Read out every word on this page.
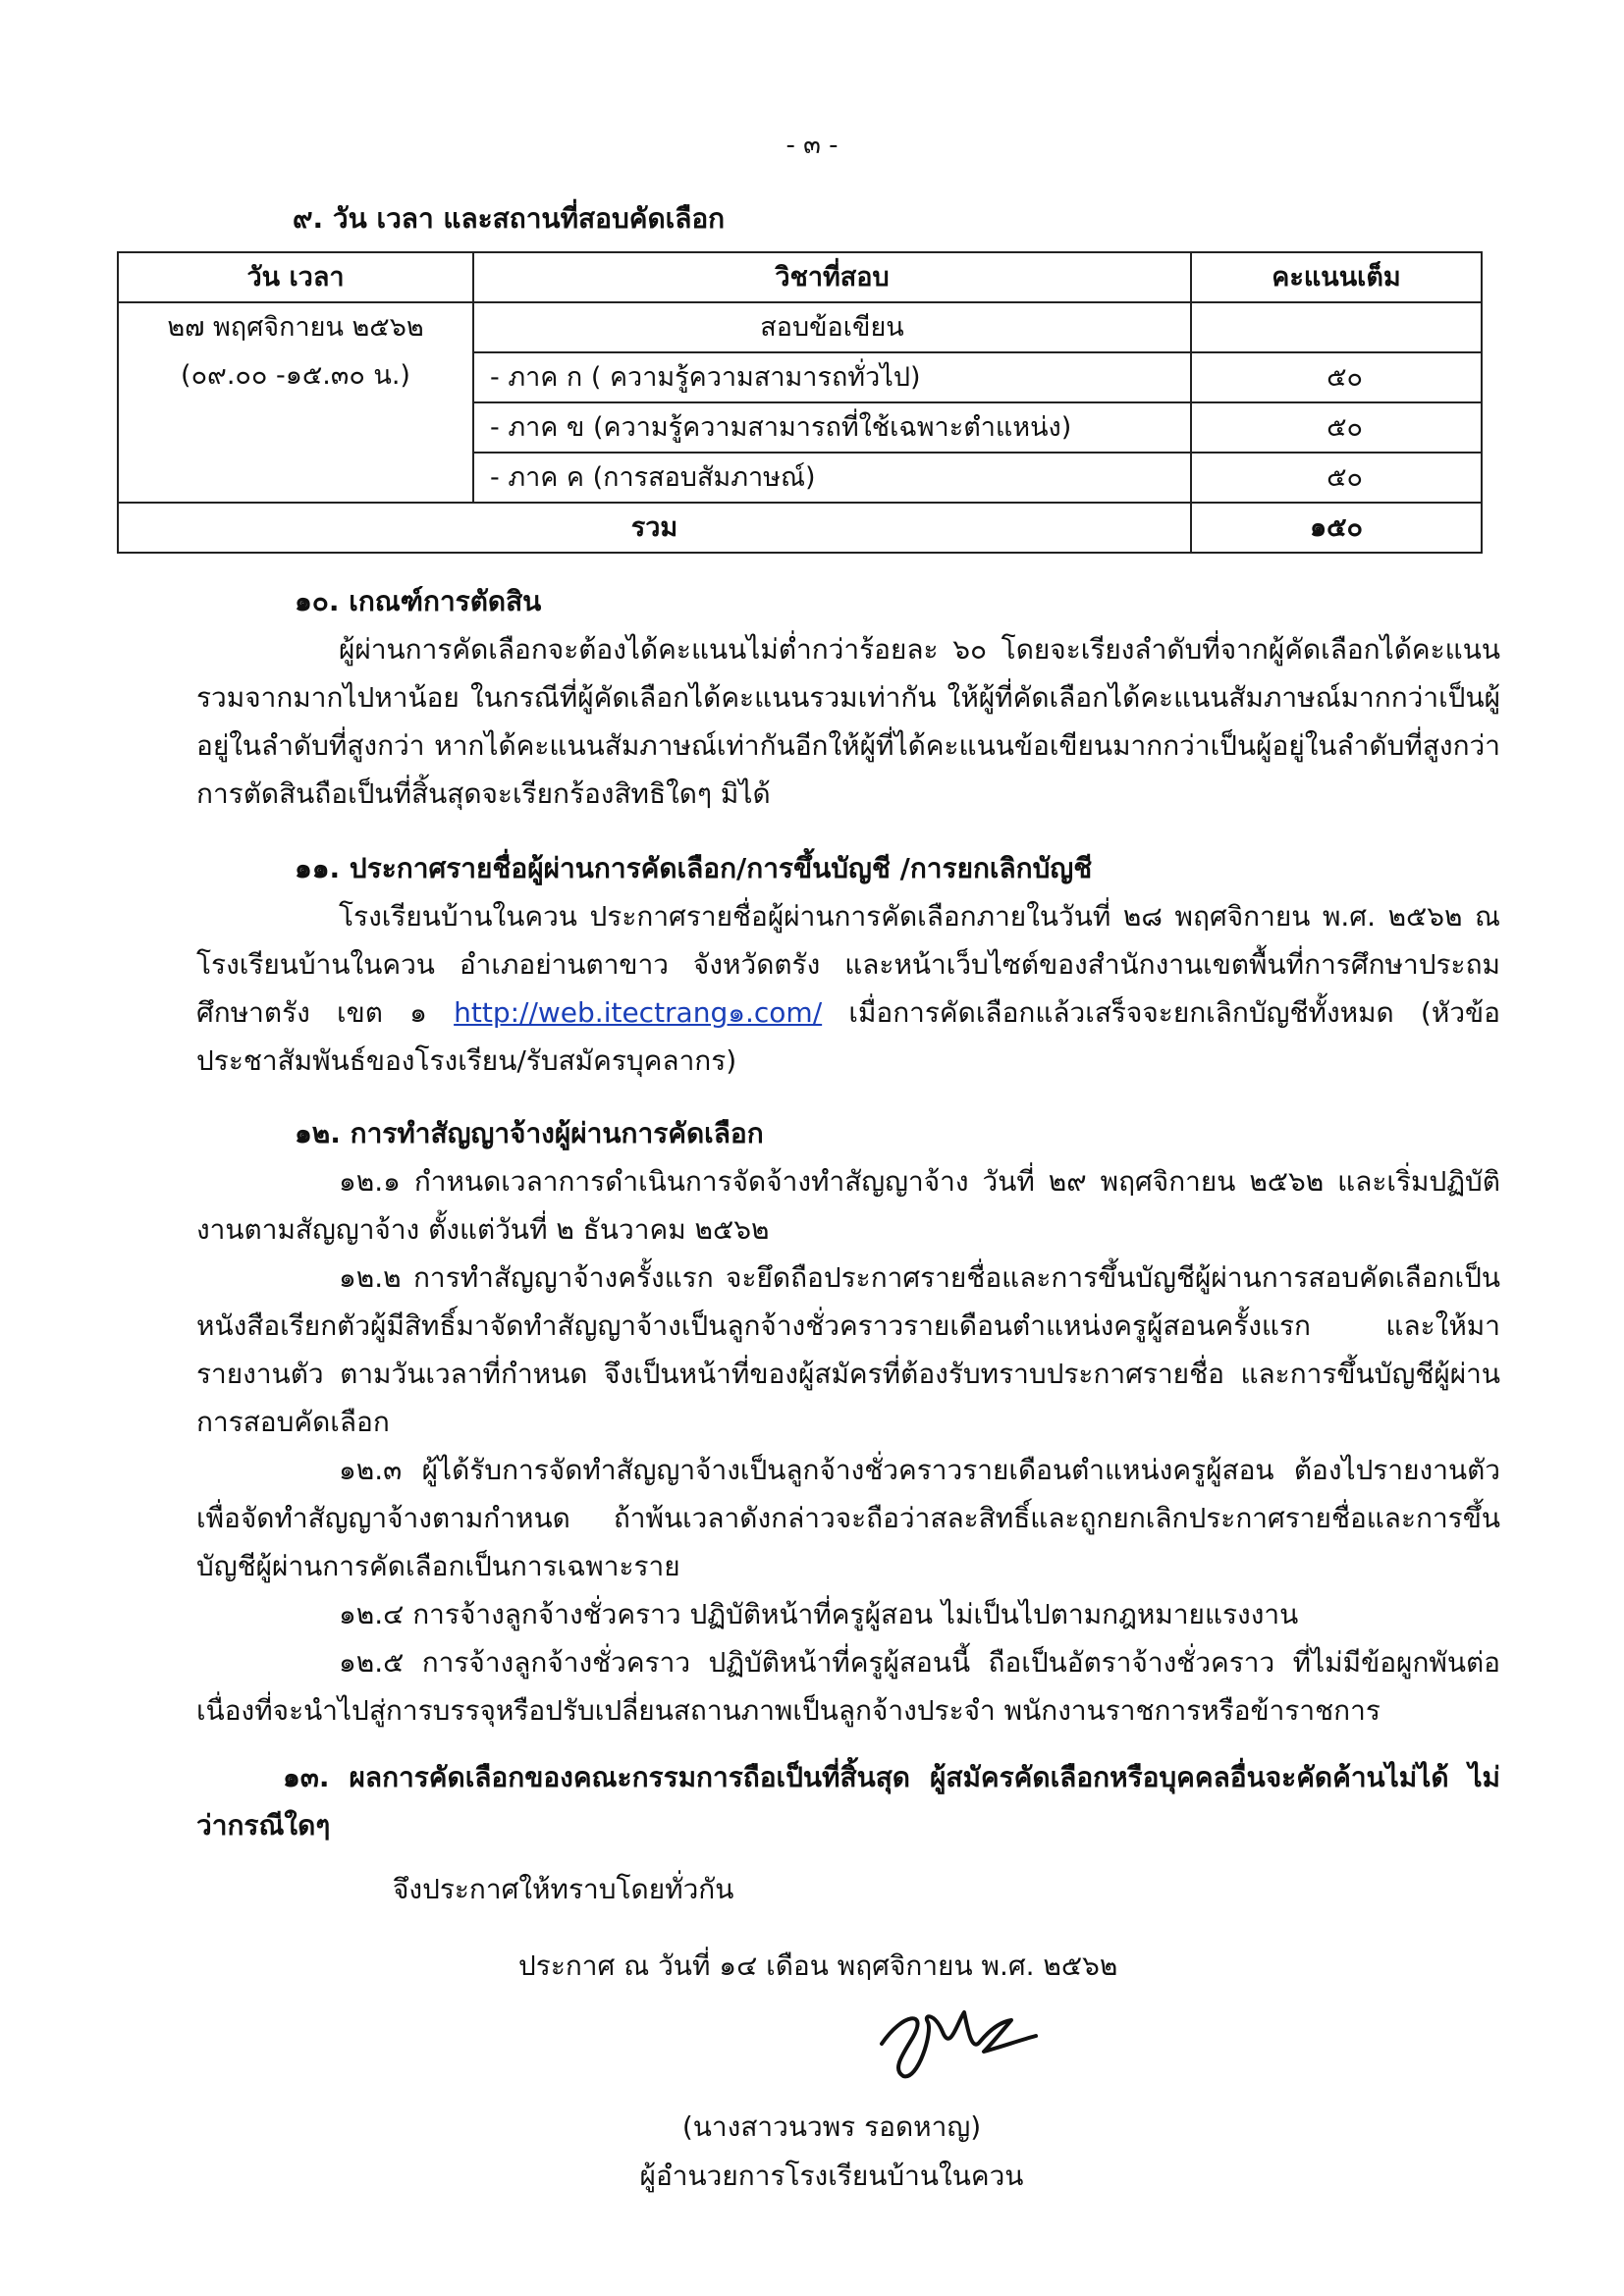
- ๓ -
๙. วัน เวลา และสถานที่สอบคัดเลือก
วัน เวลา	วิชาที่สอบ	คะแนนเต็ม

๒๗ พฤศจิกายน ๒๕๖๒
(๐๙.๐๐ -๑๕.๓๐ น.)	สอบข้อเขียน	
	- ภาค ก ( ความรู้ความสามารถทั่วไป)	๕๐
	- ภาค ข (ความรู้ความสามารถที่ใช้เฉพาะตำแหน่ง)	๕๐
	- ภาค ค (การสอบสัมภาษณ์)	๕๐
รวม		๑๕๐
๑๐. เกณฑ์การตัดสิน

ผู้ผ่านการคัดเลือกจะต้องได้คะแนนไม่ต่ำกว่าร้อยละ ๖๐ โดยจะเรียงลำดับที่จากผู้คัดเลือกได้คะแนนรวมจากมากไปหาน้อย ในกรณีที่ผู้คัดเลือกได้คะแนนรวมเท่ากัน ให้ผู้ที่คัดเลือกได้คะแนนสัมภาษณ์มากกว่าเป็นผู้อยู่ในลำดับที่สูงกว่า หากได้คะแนนสัมภาษณ์เท่ากันอีกให้ผู้ที่ได้คะแนนข้อเขียนมากกว่าเป็นผู้อยู่ในลำดับที่สูงกว่าการตัดสินถือเป็นที่สิ้นสุดจะเรียกร้องสิทธิใดๆ มิได้

๑๑. ประกาศรายชื่อผู้ผ่านการคัดเลือก/การขึ้นบัญชี /การยกเลิกบัญชี

โรงเรียนบ้านในควน ประกาศรายชื่อผู้ผ่านการคัดเลือกภายในวันที่ ๒๘ พฤศจิกายน พ.ศ. ๒๕๖๒ ณ โรงเรียนบ้านในควน อำเภอย่านตาขาว จังหวัดตรัง และหน้าเว็บไซต์ของสำนักงานเขตพื้นที่การศึกษาประถมศึกษาตรัง เขต ๑ http://web.itectrang๑.com/ เมื่อการคัดเลือกแล้วเสร็จจะยกเลิกบัญชีทั้งหมด (หัวข้อ ประชาสัมพันธ์ของโรงเรียน/รับสมัครบุคลากร)

๑๒. การทำสัญญาจ้างผู้ผ่านการคัดเลือก

๑๒.๑ กำหนดเวลาการดำเนินการจัดจ้างทำสัญญาจ้าง วันที่ ๒๙ พฤศจิกายน ๒๕๖๒ และเริ่มปฏิบัติงานตามสัญญาจ้าง ตั้งแต่วันที่ ๒ ธันวาคม ๒๕๖๒

๑๒.๒ การทำสัญญาจ้างครั้งแรก จะยึดถือประกาศรายชื่อและการขึ้นบัญชีผู้ผ่านการสอบคัดเลือกเป็นหนังสือเรียกตัวผู้มีสิทธิ์มาจัดทำสัญญาจ้างเป็นลูกจ้างชั่วคราวรายเดือนตำแหน่งครูผู้สอนครั้งแรก และให้มารายงานตัว ตามวันเวลาที่กำหนด จึงเป็นหน้าที่ของผู้สมัครที่ต้องรับทราบประกาศรายชื่อ และการขึ้นบัญชีผู้ผ่านการสอบคัดเลือก

๑๒.๓ ผู้ได้รับการจัดทำสัญญาจ้างเป็นลูกจ้างชั่วคราวรายเดือนตำแหน่งครูผู้สอน ต้องไปรายงานตัวเพื่อจัดทำสัญญาจ้างตามกำหนด ถ้าพ้นเวลาดังกล่าวจะถือว่าสละสิทธิ์และถูกยกเลิกประกาศรายชื่อและการขึ้นบัญชีผู้ผ่านการคัดเลือกเป็นการเฉพาะราย

๑๒.๔ การจ้างลูกจ้างชั่วคราว ปฏิบัติหน้าที่ครูผู้สอน ไม่เป็นไปตามกฎหมายแรงงาน

๑๒.๕ การจ้างลูกจ้างชั่วคราว ปฏิบัติหน้าที่ครูผู้สอนนี้ ถือเป็นอัตราจ้างชั่วคราว ที่ไม่มีข้อผูกพันต่อเนื่องที่จะนำไปสู่การบรรจุหรือปรับเปลี่ยนสถานภาพเป็นลูกจ้างประจำ พนักงานราชการหรือข้าราชการ

๑๓. ผลการคัดเลือกของคณะกรรมการถือเป็นที่สิ้นสุด ผู้สมัครคัดเลือกหรือบุคคลอื่นจะคัดค้านไม่ได้ ไม่ว่ากรณีใดๆ

จึงประกาศให้ทราบโดยทั่วกัน
ประกาศ ณ วันที่ ๑๔ เดือน พฤศจิกายน พ.ศ. ๒๕๖๒
(นางสาวนวพร รอดหาญ)
ผู้อำนวยการโรงเรียนบ้านในควน
